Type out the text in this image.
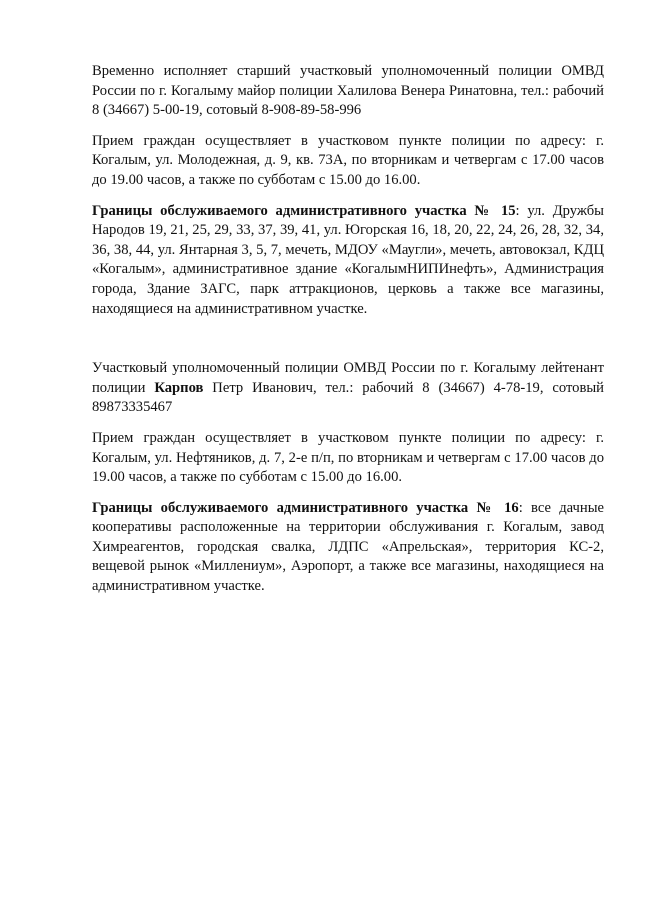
Временно исполняет старший участковый уполномоченный полиции ОМВД России по г. Когалыму майор полиции Халилова Венера Ринатовна, тел.: рабочий 8 (34667) 5-00-19, сотовый 8-908-89-58-996

Прием граждан осуществляет в участковом пункте полиции по адресу: г. Когалым, ул. Молодежная, д. 9, кв. 73А, по вторникам и четвергам с 17.00 часов до 19.00 часов, а также по субботам с 15.00 до 16.00.

Границы обслуживаемого административного участка № 15: ул. Дружбы Народов 19, 21, 25, 29, 33, 37, 39, 41, ул. Югорская 16, 18, 20, 22, 24, 26, 28, 32, 34, 36, 38, 44, ул. Янтарная 3, 5, 7, мечеть, МДОУ «Маугли», мечеть, автовокзал, КДЦ «Когалым», административное здание «КогалымНИПИнефть», Администрация города, Здание ЗАГС, парк аттракционов, церковь а также все магазины, находящиеся на административном участке.

Участковый уполномоченный полиции ОМВД России по г. Когалыму лейтенант полиции Карпов Петр Иванович, тел.: рабочий 8 (34667) 4-78-19, сотовый 89873335467

Прием граждан осуществляет в участковом пункте полиции по адресу: г. Когалым, ул. Нефтяников, д. 7, 2-е п/п, по вторникам и четвергам с 17.00 часов до 19.00 часов, а также по субботам с 15.00 до 16.00.

Границы обслуживаемого административного участка № 16: все дачные кооперативы расположенные на территории обслуживания г. Когалым, завод Химреагентов, городская свалка, ЛДПС «Апрельская», территория КС-2, вещевой рынок «Миллениум», Аэропорт, а также все магазины, находящиеся на административном участке.
